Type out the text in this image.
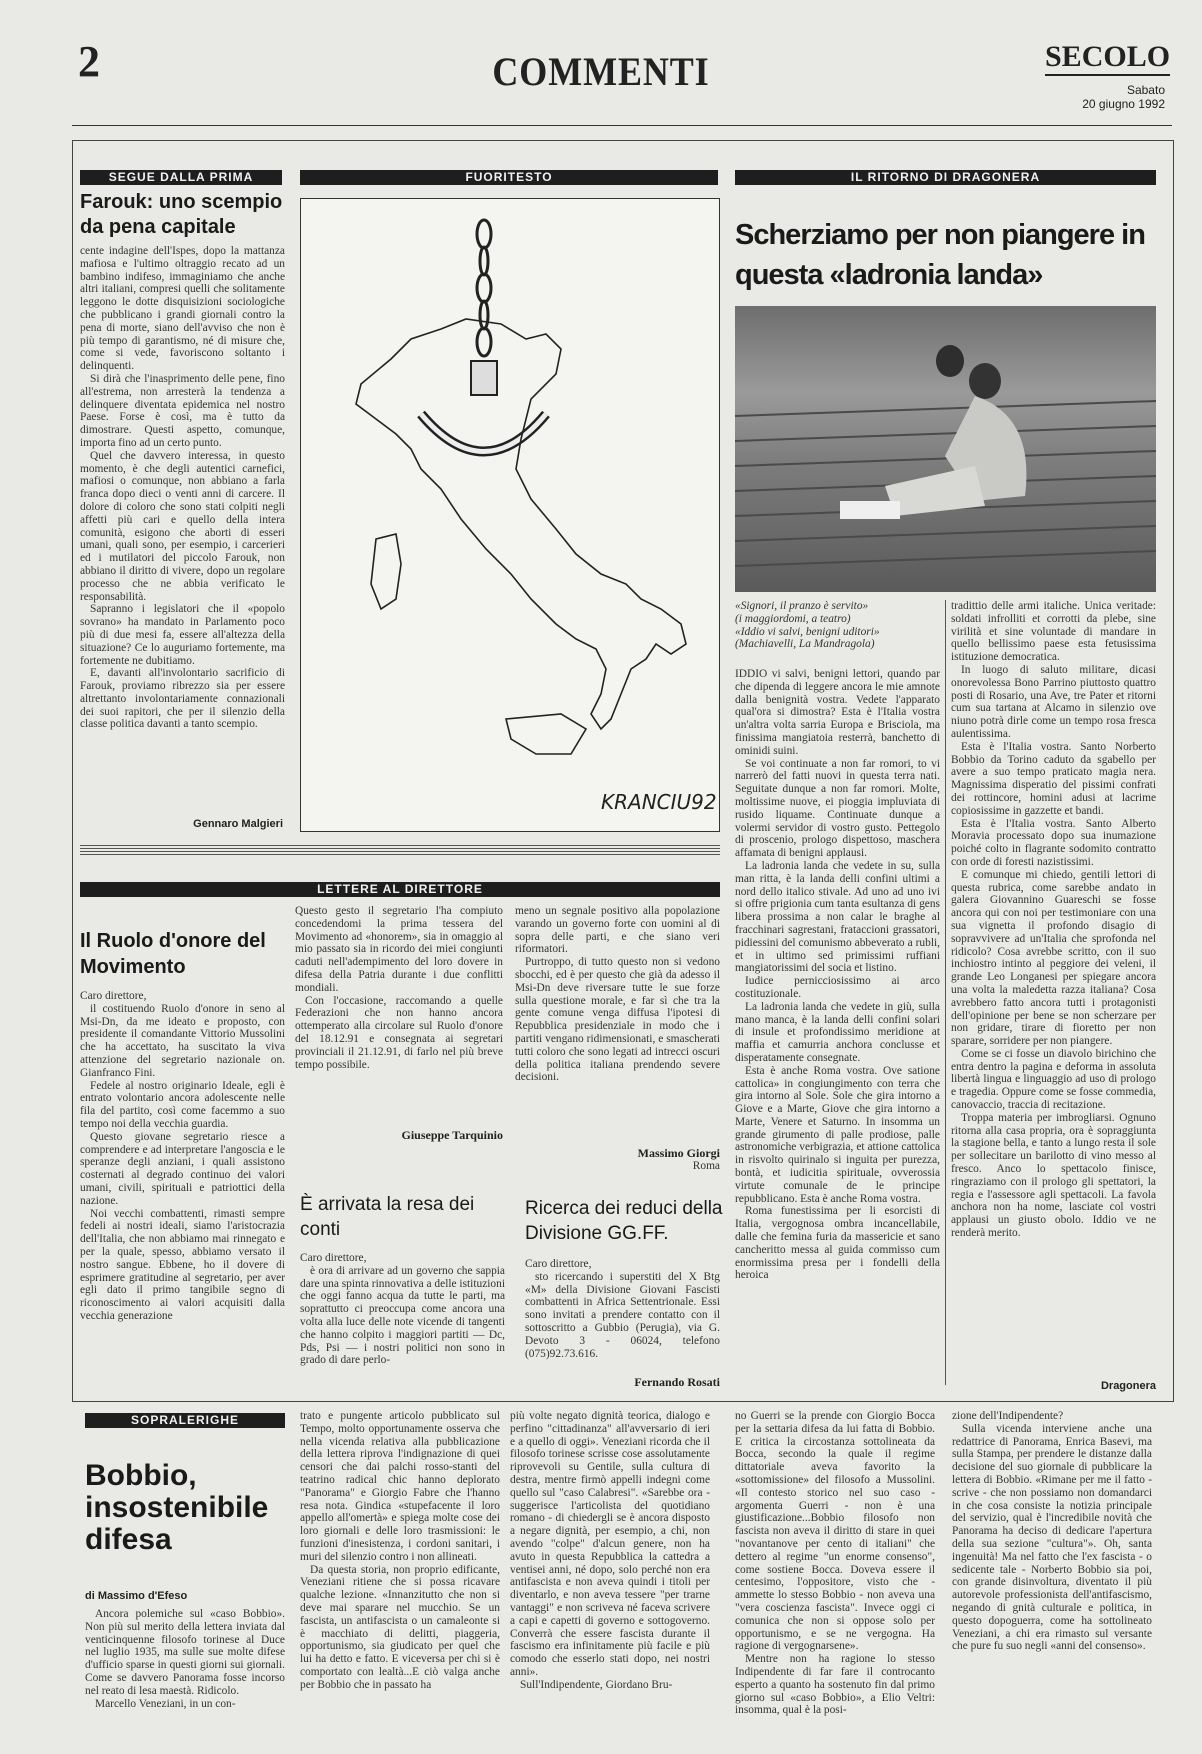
2	COMMENTI	SECOLO
Sabato
20 giugno 1992
SEGUE DALLA PRIMA
Farouk: uno scempio da pena capitale

cente indagine dell'Ispes, dopo la mattanza mafiosa e l'ultimo oltraggio recato ad un bambino indifeso, immaginiamo che anche altri italiani, compresi quelli che solitamente leggono le dotte disquisizioni sociologiche che pubblicano i grandi giornali contro la pena di morte, siano dell'avviso che non è più tempo di garantismo, né di misure che, come si vede, favoriscono soltanto i delinquenti.

Si dirà che l'inasprimento delle pene, fino all'estrema, non arresterà la tendenza a delinquere diventata epidemica nel nostro Paese. Forse è così, ma è tutto da dimostrare. Questi aspetto, comunque, importa fino ad un certo punto.

Quel che davvero interessa, in questo momento, è che degli autentici carnefici, mafiosi o comunque, non abbiano a farla franca dopo dieci o venti anni di carcere. Il dolore di coloro che sono stati colpiti negli affetti più cari e quello della intera comunità, esigono che aborti di esseri umani, quali sono, per esempio, i carcerieri ed i mutilatori del piccolo Farouk, non abbiano il diritto di vivere, dopo un regolare processo che ne abbia verificato le responsabilità.

Sapranno i legislatori che il «popolo sovrano» ha mandato in Parlamento poco più di due mesi fa, essere all'altezza della situazione? Ce lo auguriamo fortemente, ma fortemente ne dubitiamo.

E, davanti all'involontario sacrificio di Farouk, proviamo ribrezzo sia per essere altrettanto involontariamente connazionali dei suoi rapitori, che per il silenzio della classe politica davanti a tanto scempio.

Gennaro Malgieri
FUORITESTO
KRANCIU92
IL RITORNO DI DRAGONERA
Scherziamo per non piangere in questa «ladronia landa»
«Signori, il pranzo è servito»
(i maggiordomi, a teatro)
«Iddio vi salvi, benigni uditori»
(Machiavelli, La Mandragola)

IDDIO vi salvi, benigni lettori, quando par che dipenda di leggere ancora le mie amnote dalla benignità vostra. Vedete l'apparato qual'ora si dimostra? Esta è l'Italia vostra un'altra volta sarria Europa e Brisciola, ma finissima mangiatoia resterrà, banchetto di ominidi suini.

Se voi continuate a non far romori, to vi narrerò del fatti nuovi in questa terra nati. Seguitate dunque a non far romori. Molte, moltissime nuove, ei pioggia impluviata di rusido liquame. Continuate dunque a volermi servidor di vostro gusto. Pettegolo di proscenio, prologo dispettoso, maschera affamata di benigni applausi.

La ladronia landa che vedete in su, sulla man ritta, è la landa delli confini ultimi a nord dello italico stivale. Ad uno ad uno ivi si offre prigionia cum tanta esultanza di gens libera prossima a non calar le braghe al fracchinari sagrestani, frataccioni grassatori, pidiessini del comunismo abbeverato a rubli, et in ultimo sed primissimi ruffiani mangiatorissimi del socia et listino.

Iudice pernicciosissimo ai arco costituzionale.

La ladronia landa che vedete in giù, sulla mano manca, è la landa delli confini solari di insule et profondissimo meridione at maffia et camurria anchora conclusse et disperatamente consegnate.

Esta è anche Roma vostra. Ove satione cattolica» in congiungimento con terra che gira intorno al Sole. Sole che gira intorno a Giove e a Marte, Giove che gira intorno a Marte, Venere et Saturno. In insomma un grande girumento di palle prodiose, palle astronomiche verbigrazia, et attione cattolica in risvolto quirinalo si inguita per purezza, bontà, et iudicitia spirituale, ovverossia virtute comunale de le principe repubblicano. Esta è anche Roma vostra.

Roma funestissima per li esorcisti di Italia, vergognosa ombra incancellabile, dalle che femina furia da massericie et sano cancheritto messa al guida commisso cum enormissima presa per i fondelli della heroica

tradittio delle armi italiche. Unica veritade: soldati infrolliti et corrotti da plebe, sine virilità et sine voluntade di mandare in quello bellissimo paese esta fetusissima istituzione democratica.

In luogo di saluto militare, dicasi onorevolessa Bono Parrino piuttosto quattro posti di Rosario, una Ave, tre Pater et ritorni cum sua tartana at Alcamo in silenzio ove niuno potrà dirle come un tempo rosa fresca aulentissima.

Esta è l'Italia vostra. Santo Norberto Bobbio da Torino caduto da sgabello per avere a suo tempo praticato magia nera. Magnissima disperatio del pissimi confrati dei rottincore, homini adusi at lacrime copiosissime in gazzette et bandi.

Esta è l'Italia vostra. Santo Alberto Moravia processato dopo sua inumazione poiché colto in flagrante sodomito contratto con orde di foresti nazistissimi.

E comunque mi chiedo, gentili lettori di questa rubrica, come sarebbe andato in galera Giovannino Guareschi se fosse ancora qui con noi per testimoniare con una sua vignetta il profondo disagio di sopravvivere ad un'Italia che sprofonda nel ridicolo? Cosa avrebbe scritto, con il suo inchiostro intinto al peggiore dei veleni, il grande Leo Longanesi per spiegare ancora una volta la maledetta razza italiana? Cosa avrebbero fatto ancora tutti i protagonisti dell'opinione per bene se non scherzare per non gridare, tirare di fioretto per non sparare, sorridere per non piangere.

Come se ci fosse un diavolo birichino che entra dentro la pagina e deforma in assoluta libertà lingua e linguaggio ad uso di prologo e tragedia. Oppure come se fosse commedia, canovaccio, traccia di recitazione.

Troppa materia per imbrogliarsi. Ognuno ritorna alla casa propria, ora è sopraggiunta la stagione bella, e tanto a lungo resta il sole per sollecitare un barilotto di vino messo al fresco. Anco lo spettacolo finisce, ringraziamo con il prologo gli spettatori, la regia e l'assessore agli spettacoli. La favola anchora non ha nome, lasciate col vostri applausi un giusto obolo. Iddio ve ne renderà merito.

Dragonera
LETTERE AL DIRETTORE
Il Ruolo d'onore del Movimento
Caro direttore,

il costituendo Ruolo d'onore in seno al Msi-Dn, da me ideato e proposto, con presidente il comandante Vittorio Mussolini che ha accettato, ha suscitato la viva attenzione del segretario nazionale on. Gianfranco Fini.

Fedele al nostro originario Ideale, egli è entrato volontario ancora adolescente nelle fila del partito, così come facemmo a suo tempo noi della vecchia guardia.

Questo giovane segretario riesce a comprendere e ad interpretare l'angoscia e le speranze degli anziani, i quali assistono costernati al degrado continuo dei valori umani, civili, spirituali e patriottici della nazione.

Noi vecchi combattenti, rimasti sempre fedeli ai nostri ideali, siamo l'aristocrazia dell'Italia, che non abbiamo mai rinnegato e per la quale, spesso, abbiamo versato il nostro sangue. Ebbene, ho il dovere di esprimere gratitudine al segretario, per aver egli dato il primo tangibile segno di riconoscimento ai valori acquisiti dalla vecchia generazione

Questo gesto il segretario l'ha compiuto concedendomi la prima tessera del Movimento ad «honorem», sia in omaggio al mio passato sia in ricordo dei miei congiunti caduti nell'adempimento del loro dovere in difesa della Patria durante i due conflitti mondiali.

Con l'occasione, raccomando a quelle Federazioni che non hanno ancora ottemperato alla circolare sul Ruolo d'onore del 18.12.91 e consegnata ai segretari provinciali il 21.12.91, di farlo nel più breve tempo possibile.

Giuseppe Tarquinio
È arrivata la resa dei conti
Caro direttore,

è ora di arrivare ad un governo che sappia dare una spinta rinnovativa a delle istituzioni che oggi fanno acqua da tutte le parti, ma soprattutto ci preoccupa come ancora una volta alla luce delle note vicende di tangenti che hanno colpito i maggiori partiti — Dc, Pds, Psi — i nostri politici non sono in grado di dare perlo-

meno un segnale positivo alla popolazione varando un governo forte con uomini al di sopra delle parti, e che siano veri riformatori.

Purtroppo, di tutto questo non si vedono sbocchi, ed è per questo che già da adesso il Msi-Dn deve riversare tutte le sue forze sulla questione morale, e far sì che tra la gente comune venga diffusa l'ipotesi di Repubblica presidenziale in modo che i partiti vengano ridimensionati, e smascherati tutti coloro che sono legati ad intrecci oscuri della politica italiana prendendo severe decisioni.

Massimo Giorgi
Roma
Ricerca dei reduci della Divisione GG.FF.
Caro direttore,

sto ricercando i superstiti del X Btg «M» della Divisione Giovani Fascisti combattenti in Africa Settentrionale. Essi sono invitati a prendere contatto con il sottoscritto a Gubbio (Perugia), via G. Devoto 3 - 06024, telefono (075)92.73.616.

Fernando Rosati
SOPRALERIGHE
Bobbio, insostenibile difesa
di Massimo d'Efeso

Ancora polemiche sul «caso Bobbio». Non più sul merito della lettera inviata dal venticinquenne filosofo torinese al Duce nel luglio 1935, ma sulle sue molte difese d'ufficio sparse in questi giorni sui giornali. Come se davvero Panorama fosse incorso nel reato di lesa maestà. Ridicolo.

Marcello Veneziani, in un con-

trato e pungente articolo pubblicato sul Tempo, molto opportunamente osserva che nella vicenda relativa alla pubblicazione della lettera riprova l'indignazione di quei censori che dai palchi rosso-stanti del teatrino radical chic hanno deplorato "Panorama" e Giorgio Fabre che l'hanno resa nota. Gindica «stupefacente il loro appello all'omertà» e spiega molte cose dei loro giornali e delle loro trasmissioni: le funzioni d'inesistenza, i cordoni sanitari, i muri del silenzio contro i non allineati.

Da questa storia, non proprio edificante, Veneziani ritiene che si possa ricavare qualche lezione. «Innanzitutto che non si deve mai sparare nel mucchio. Se un fascista, un antifascista o un camaleonte si è macchiato di delitti, piaggeria, opportunismo, sia giudicato per quel che lui ha detto e fatto. E viceversa per chi si è comportato con lealtà...E ciò valga anche per Bobbio che in passato ha

più volte negato dignità teorica, dialogo e perfino "cittadinanza" all'avversario di ieri e a quello di oggi». Veneziani ricorda che il filosofo torinese scrisse cose assolutamente riprovevoli su Gentile, sulla cultura di destra, mentre firmò appelli indegni come quello sul "caso Calabresi". «Sarebbe ora - suggerisce l'articolista del quotidiano romano - di chiedergli se è ancora disposto a negare dignità, per esempio, a chi, non avendo "colpe" d'alcun genere, non ha avuto in questa Repubblica la cattedra a ventisei anni, né dopo, solo perché non era antifascista e non aveva quindi i titoli per diventarlo, e non aveva tessere "per trarne vantaggi" e non scriveva né faceva scrivere a capi e capetti di governo e sottogoverno. Converrà che essere fascista durante il fascismo era infinitamente più facile e più comodo che esserlo stati dopo, nei nostri anni».

Sull'Indipendente, Giordano Bru-

no Guerri se la prende con Giorgio Bocca per la settaria difesa da lui fatta di Bobbio. E critica la circostanza sottolineata da Bocca, secondo la quale il regime dittatoriale aveva favorito la «sottomissione» del filosofo a Mussolini. «Il contesto storico nel suo caso - argomenta Guerri - non è una giustificazione...Bobbio filosofo non fascista non aveva il diritto di stare in quei "novantanove per cento di italiani" che dettero al regime "un enorme consenso", come sostiene Bocca. Doveva essere il centesimo, l'oppositore, visto che - ammette lo stesso Bobbio - non aveva una "vera coscienza fascista". Invece oggi ci comunica che non si oppose solo per opportunismo, e se ne vergogna. Ha ragione di vergognarsene».

Mentre non ha ragione lo stesso Indipendente di far fare il controcanto esperto a quanto ha sostenuto fin dal primo giorno sul «caso Bobbio», a Elio Veltri: insomma, qual è la posi-

zione dell'Indipendente?

Sulla vicenda interviene anche una redattrice di Panorama, Enrica Basevi, ma sulla Stampa, per prendere le distanze dalla decisione del suo giornale di pubblicare la lettera di Bobbio. «Rimane per me il fatto - scrive - che non possiamo non domandarci in che cosa consiste la notizia principale del servizio, qual è l'incredibile novità che Panorama ha deciso di dedicare l'apertura della sua sezione "cultura"». Oh, santa ingenuità! Ma nel fatto che l'ex fascista - o sedicente tale - Norberto Bobbio sia poi, con grande disinvoltura, diventato il più autorevole professionista dell'antifascismo, negando di gnità culturale e politica, in questo dopoguerra, come ha sottolineato Veneziani, a chi era rimasto sul versante che pure fu suo negli «anni del consenso».
